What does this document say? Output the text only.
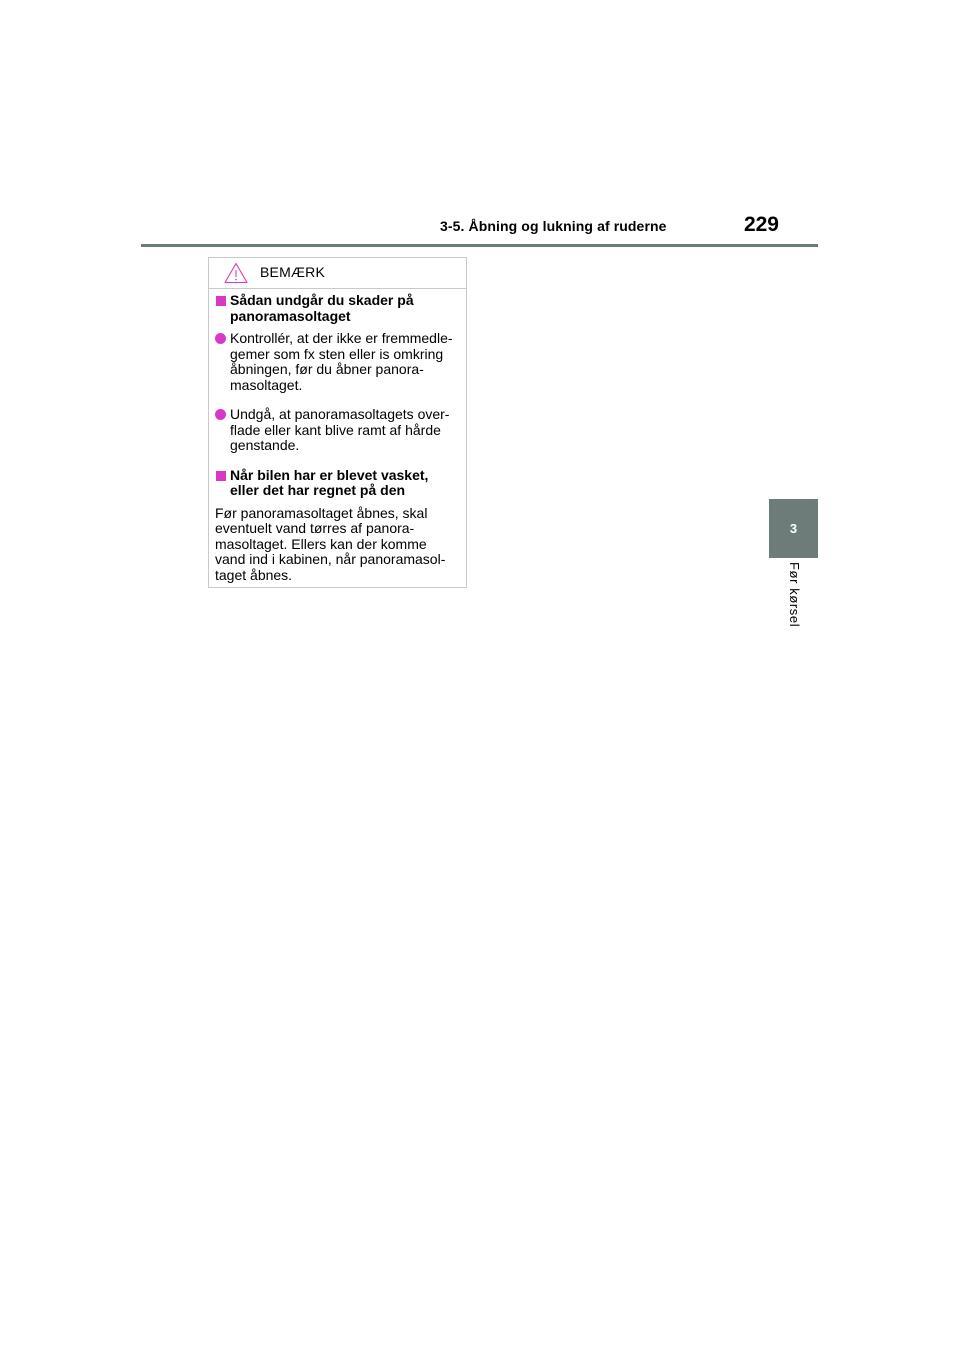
3-5. Åbning og lukning af ruderne	229
3
Før kørsel
BEMÆRK
Sådan undgår du skader på panoramasoltaget
Kontrollér, at der ikke er fremmedle-gemer som fx sten eller is omkring åbningen, før du åbner panora-masoltaget.
Undgå, at panoramasoltagets over-flade eller kant blive ramt af hårde genstande.
Når bilen har er blevet vasket, eller det har regnet på den

Før panoramasoltaget åbnes, skal eventuelt vand tørres af panora-masoltaget. Ellers kan der komme vand ind i kabinen, når panoramasol-taget åbnes.
